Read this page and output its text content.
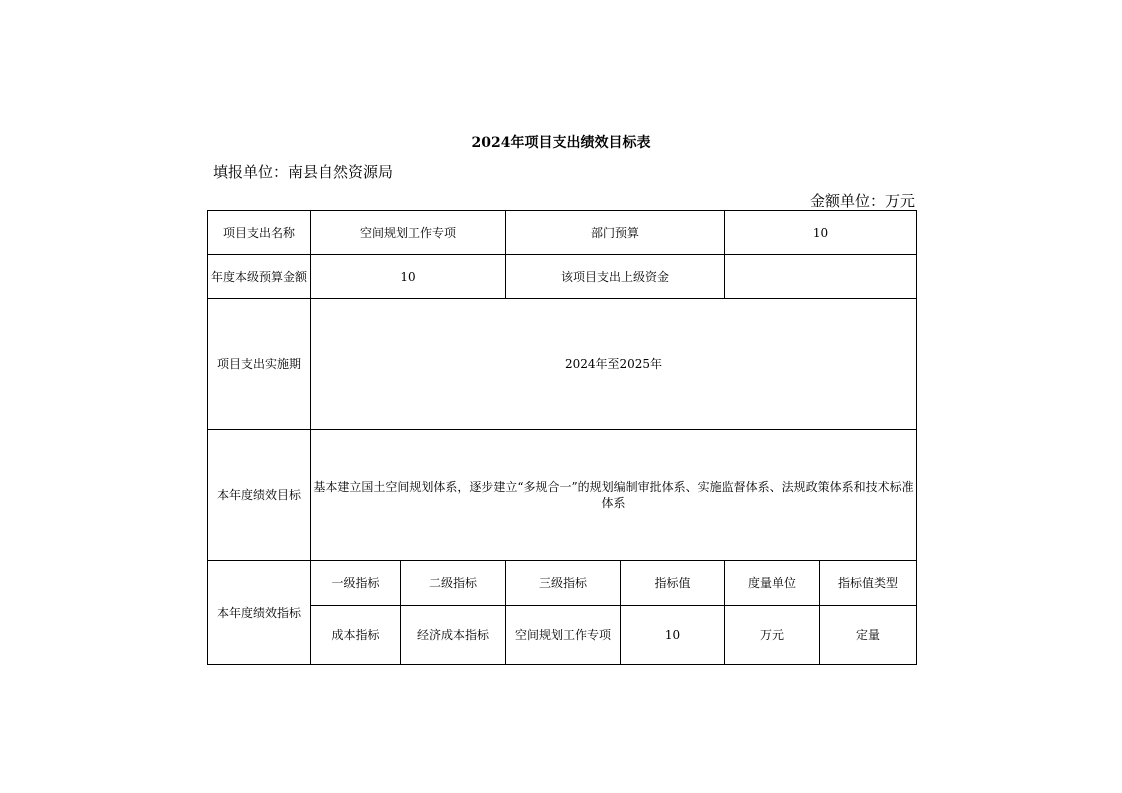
2024年项目支出绩效目标表

填报单位：南县自然资源局

金额单位：万元

项目支出名称	空间规划工作专项		部门预算		10	
年度本级预算金额	10		该项目支出上级资金			
项目支出实施期	2024年至2025年					
本年度绩效目标	基本建立国土空间规划体系，逐步建立“多规合一”的规划编制审批体系、实施监督体系、法规政策体系和技术标准体系					
本年度绩效指标	一级指标	二级指标	三级指标	指标值	度量单位	指标值类型
	成本指标	经济成本指标	空间规划工作专项	10	万元	定量
